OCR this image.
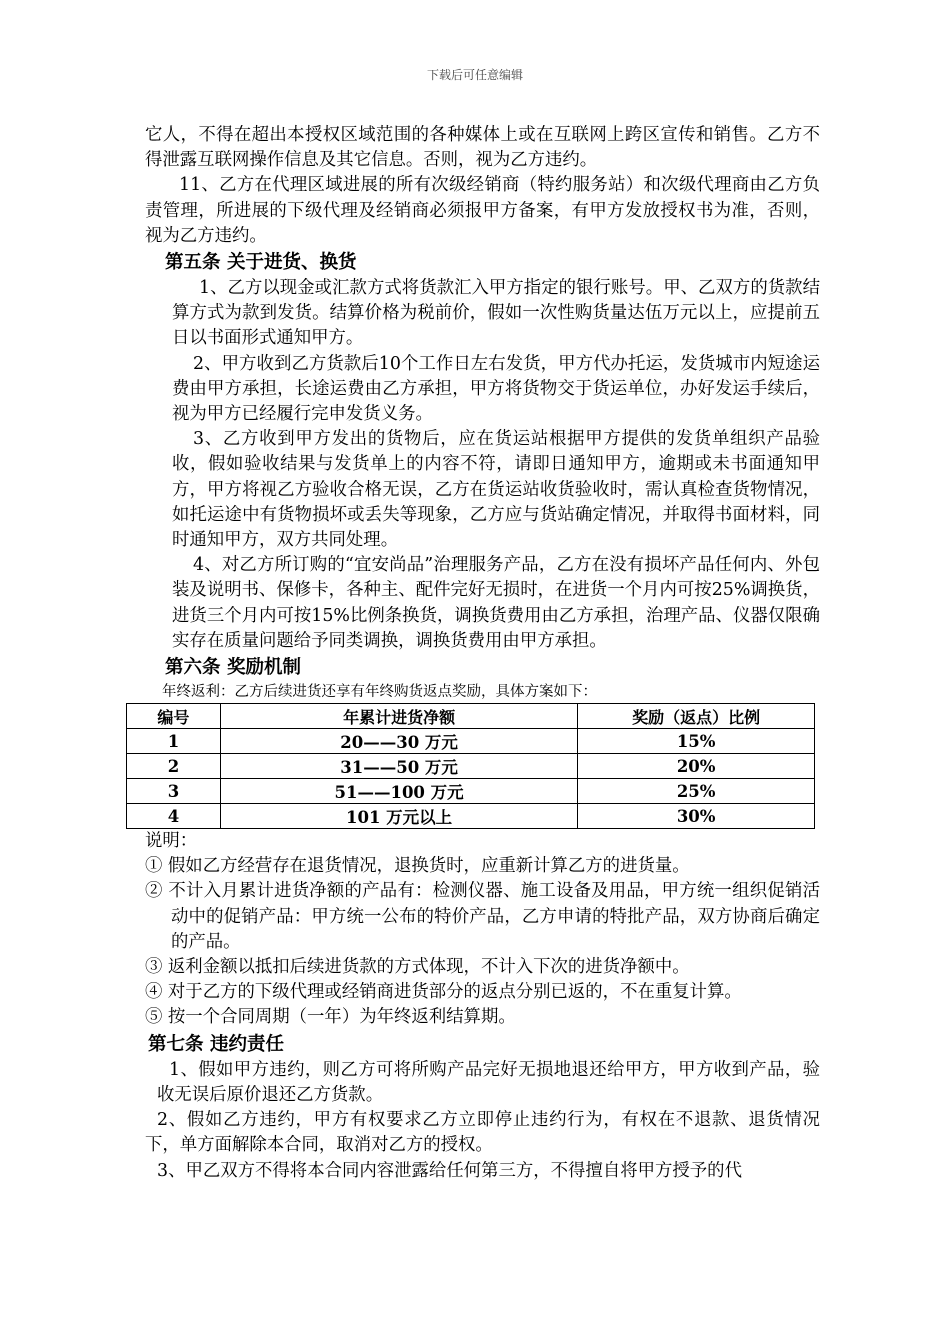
下载后可任意编辑

它人，不得在超出本授权区域范围的各种媒体上或在互联网上跨区宣传和销售。乙方不得泄露互联网操作信息及其它信息。否则，视为乙方违约。

11、乙方在代理区域进展的所有次级经销商（特约服务站）和次级代理商由乙方负责管理，所进展的下级代理及经销商必须报甲方备案，有甲方发放授权书为准，否则，视为乙方违约。

第五条 关于进货、换货

1、乙方以现金或汇款方式将货款汇入甲方指定的银行账号。甲、乙双方的货款结算方式为款到发货。结算价格为税前价，假如一次性购货量达伍万元以上，应提前五日以书面形式通知甲方。

2、甲方收到乙方货款后10个工作日左右发货，甲方代办托运，发货城市内短途运费由甲方承担，长途运费由乙方承担，甲方将货物交于货运单位，办好发运手续后，视为甲方已经履行完申发货义务。

3、乙方收到甲方发出的货物后，应在货运站根据甲方提供的发货单组织产品验收，假如验收结果与发货单上的内容不符，请即日通知甲方，逾期或未书面通知甲方，甲方将视乙方验收合格无误，乙方在货运站收货验收时，需认真检查货物情况，如托运途中有货物损坏或丢失等现象，乙方应与货站确定情况，并取得书面材料，同时通知甲方，双方共同处理。

4、对乙方所订购的“宜安尚品”治理服务产品，乙方在没有损坏产品任何内、外包装及说明书、保修卡，各种主、配件完好无损时，在进货一个月内可按25%调换货，进货三个月内可按15%比例条换货，调换货费用由乙方承担，治理产品、仪器仅限确实存在质量问题给予同类调换，调换货费用由甲方承担。

第六条 奖励机制

年终返利：乙方后续进货还享有年终购货返点奖励，具体方案如下：

编号	年累计进货净额	奖励（返点）比例
1	20——30 万元	15%
2	31——50 万元	20%
3	51——100 万元	25%
4	101 万元以上	30%

说明：

① 假如乙方经营存在退货情况，退换货时，应重新计算乙方的进货量。

② 不计入月累计进货净额的产品有：检测仪器、施工设备及用品，甲方统一组织促销活动中的促销产品：甲方统一公布的特价产品，乙方申请的特批产品，双方协商后确定的产品。

③ 返利金额以抵扣后续进货款的方式体现，不计入下次的进货净额中。

④ 对于乙方的下级代理或经销商进货部分的返点分别已返的，不在重复计算。

⑤ 按一个合同周期（一年）为年终返利结算期。

第七条 违约责任

1、假如甲方违约，则乙方可将所购产品完好无损地退还给甲方，甲方收到产品，验收无误后原价退还乙方货款。

2、假如乙方违约，甲方有权要求乙方立即停止违约行为，有权在不退款、退货情况下，单方面解除本合同，取消对乙方的授权。

3、甲乙双方不得将本合同内容泄露给任何第三方，不得擅自将甲方授予的代
